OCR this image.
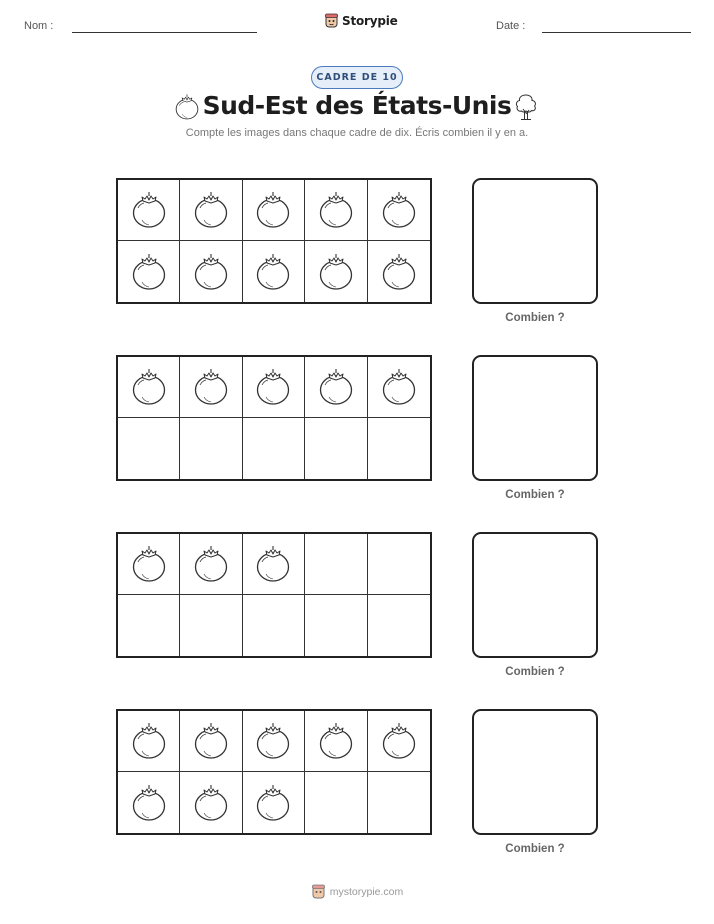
Nom :	Storypie	Date :
CADRE DE 10
Sud-Est des États-Unis
Compte les images dans chaque cadre de dix. Écris combien il y en a.
Combien ?
Combien ?
Combien ?
Combien ?
mystorypie.com
